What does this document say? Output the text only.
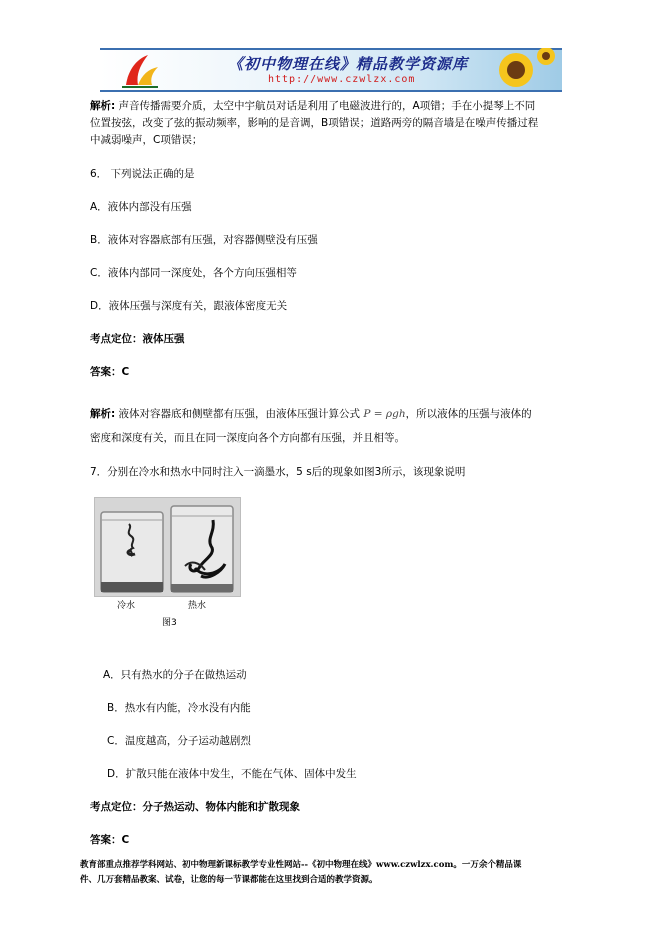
《初中物理在线》精品教学资源库
http://www.czwlzx.com
解析: 声音传播需要介质，太空中宇航员对话是利用了电磁波进行的，A项错；手在小提琴上不同
位置按弦，改变了弦的振动频率，影响的是音调，B项错误；道路两旁的隔音墙是在噪声传播过程
中减弱噪声，C项错误；
6． 下列说法正确的是
A．液体内部没有压强
B．液体对容器底部有压强，对容器侧壁没有压强
C．液体内部同一深度处，各个方向压强相等
D．液体压强与深度有关，跟液体密度无关
考点定位：液体压强
答案：C
解析: 液体对容器底和侧壁都有压强，由液体压强计算公式 P = ρgh，所以液体的压强与液体的
密度和深度有关，而且在同一深度向各个方向都有压强，并且相等。
7．分别在冷水和热水中同时注入一滴墨水，5 s后的现象如图3所示，该现象说明
冷水	热水
图3
A．只有热水的分子在做热运动
B．热水有内能，冷水没有内能
C．温度越高，分子运动越剧烈
D．扩散只能在液体中发生，不能在气体、固体中发生
考点定位：分子热运动、物体内能和扩散现象
答案：C
教育部重点推荐学科网站、初中物理新课标教学专业性网站--《初中物理在线》www.czwlzx.com。一万余个精品课
件、几万套精品教案、试卷，让您的每一节课都能在这里找到合适的教学资源。
